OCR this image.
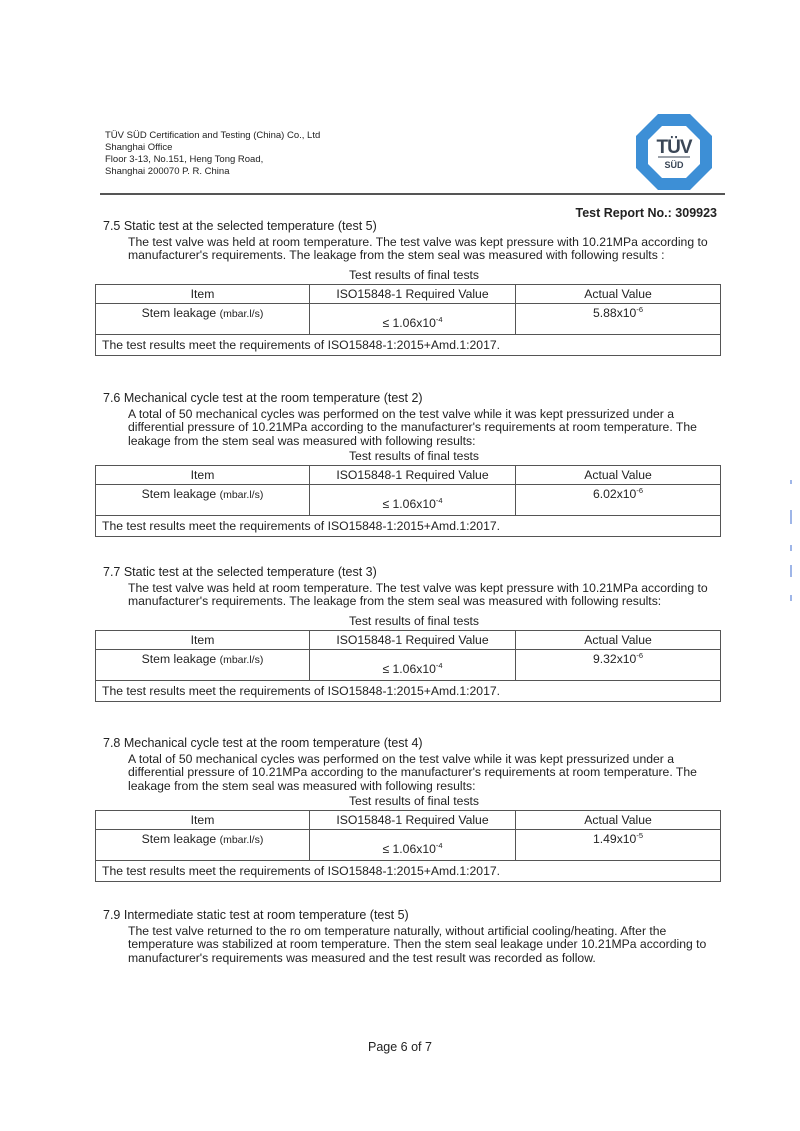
TÜV SÜD Certification and Testing (China) Co., Ltd
Shanghai Office
Floor 3-13, No.151, Heng Tong Road,
Shanghai 200070 P. R. China
TÜV
SÜD
Test Report No.: 309923
7.5 Static test at the selected temperature (test 5)
The test valve was held at room temperature. The test valve was kept pressure with 10.21MPa according to manufacturer's requirements. The leakage from the stem seal was measured with following results :
Test results of final tests
Item	ISO15848-1 Required Value	Actual Value
Stem leakage (mbar.l/s)	≤ $1.06x10^{-4}$	$5.88x10^{-6}$
The test results meet the requirements of ISO15848-1:2015+Amd.1:2017.		
7.6 Mechanical cycle test at the room temperature (test 2)
A total of 50 mechanical cycles was performed on the test valve while it was kept pressurized under a differential pressure of 10.21MPa according to the manufacturer's requirements at room temperature. The leakage from the stem seal was measured with following results:
Test results of final tests
Item	ISO15848-1 Required Value	Actual Value
Stem leakage (mbar.l/s)	≤ $1.06x10^{-4}$	$6.02x10^{-6}$
The test results meet the requirements of ISO15848-1:2015+Amd.1:2017.		
7.7 Static test at the selected temperature (test 3)
The test valve was held at room temperature. The test valve was kept pressure with 10.21MPa according to manufacturer's requirements. The leakage from the stem seal was measured with following results:
Test results of final tests
Item	ISO15848-1 Required Value	Actual Value
Stem leakage (mbar.l/s)	≤ $1.06x10^{-4}$	$9.32x10^{-6}$
The test results meet the requirements of ISO15848-1:2015+Amd.1:2017.		
7.8 Mechanical cycle test at the room temperature (test 4)
A total of 50 mechanical cycles was performed on the test valve while it was kept pressurized under a differential pressure of 10.21MPa according to the manufacturer's requirements at room temperature. The leakage from the stem seal was measured with following results:
Test results of final tests
Item	ISO15848-1 Required Value	Actual Value
Stem leakage (mbar.l/s)	≤ $1.06x10^{-4}$	$1.49x10^{-5}$
The test results meet the requirements of ISO15848-1:2015+Amd.1:2017.		
7.9 Intermediate static test at room temperature (test 5)
The test valve returned to the ro om temperature naturally, without artificial cooling/heating. After the temperature was stabilized at room temperature. Then the stem seal leakage under 10.21MPa according to manufacturer's requirements was measured and the test result was recorded as follow.
Page 6 of 7
